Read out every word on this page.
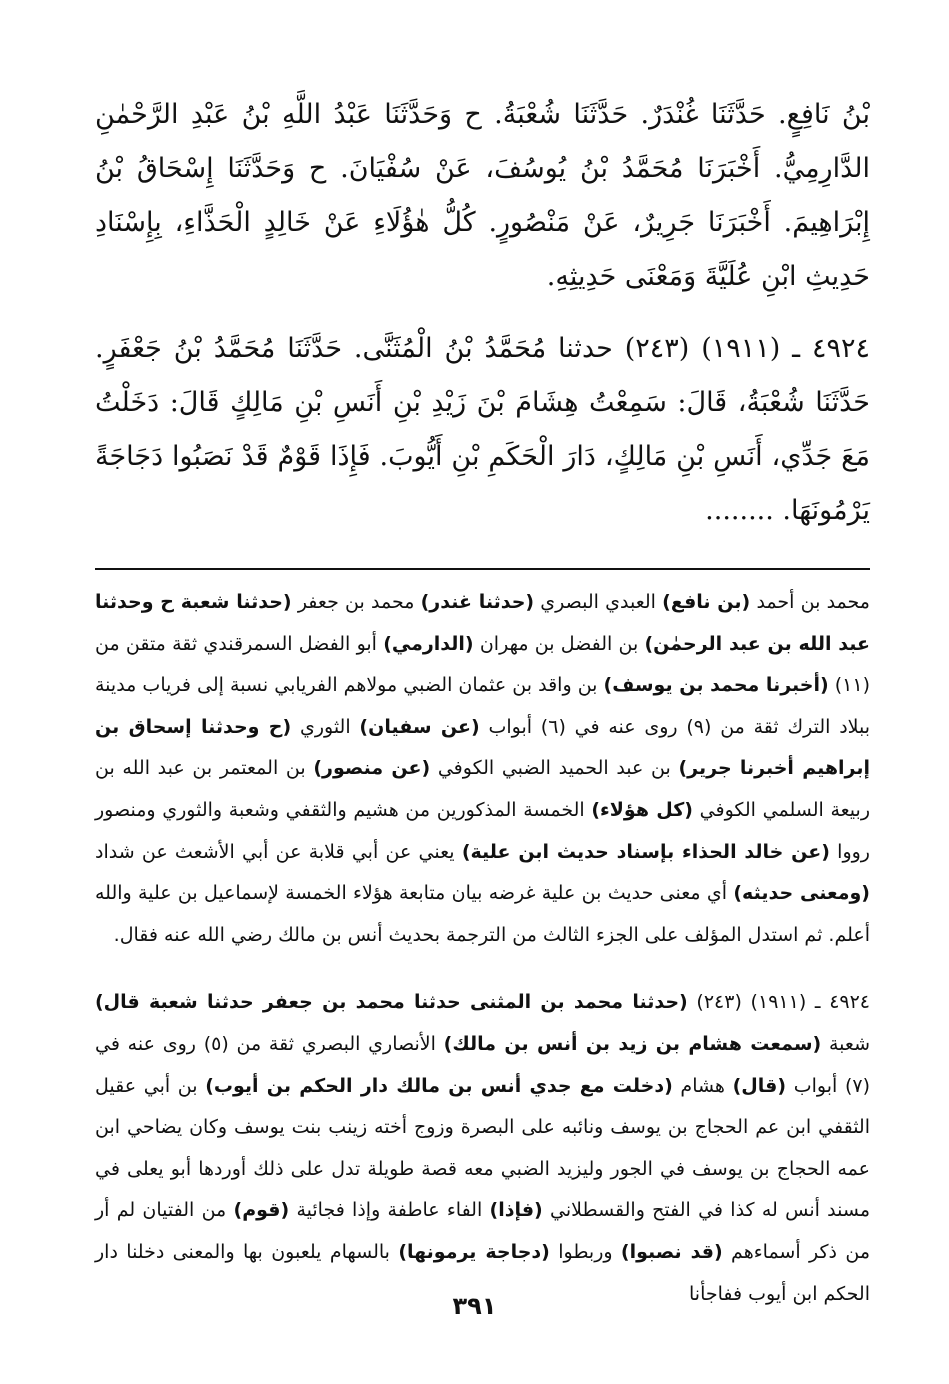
بْنُ نَافِعٍ. حَدَّثَنَا غُنْدَرٌ. حَدَّثَنَا شُعْبَةُ. ح وَحَدَّثَنَا عَبْدُ اللَّهِ بْنُ عَبْدِ الرَّحْمٰنِ الدَّارِمِيُّ. أَخْبَرَنَا مُحَمَّدُ بْنُ يُوسُفَ، عَنْ سُفْيَانَ. ح وَحَدَّثَنَا إِسْحَاقُ بْنُ إِبْرَاهِيمَ. أَخْبَرَنَا جَرِيرٌ، عَنْ مَنْصُورٍ. كُلُّ هٰؤُلَاءِ عَنْ خَالِدٍ الْحَذَّاءِ، بِإِسْنَادِ حَدِيثِ ابْنِ عُلَيَّةَ وَمَعْنَى حَدِيثِهِ.

٤٩٢٤ ـ (١٩١١) (٢٤٣) حدثنا مُحَمَّدُ بْنُ الْمُثَنَّى. حَدَّثَنَا مُحَمَّدُ بْنُ جَعْفَرٍ. حَدَّثَنَا شُعْبَةُ، قَالَ: سَمِعْتُ هِشَامَ بْنَ زَيْدِ بْنِ أَنَسِ بْنِ مَالِكٍ قَالَ: دَخَلْتُ مَعَ جَدِّي، أَنَسِ بْنِ مَالِكٍ، دَارَ الْحَكَمِ بْنِ أَيُّوبَ. فَإِذَا قَوْمٌ قَدْ نَصَبُوا دَجَاجَةً يَرْمُونَهَا. ........

محمد بن أحمد (بن نافع) العبدي البصري (حدثنا غندر) محمد بن جعفر (حدثنا شعبة ح وحدثنا عبد الله بن عبد الرحمٰن) بن الفضل بن مهران (الدارمي) أبو الفضل السمرقندي ثقة متقن من (١١) (أخبرنا محمد بن يوسف) بن واقد بن عثمان الضبي مولاهم الفريابي نسبة إلى فرياب مدينة ببلاد الترك ثقة من (٩) روى عنه في (٦) أبواب (عن سفيان) الثوري (ح وحدثنا إسحاق بن إبراهيم أخبرنا جرير) بن عبد الحميد الضبي الكوفي (عن منصور) بن المعتمر بن عبد الله بن ربيعة السلمي الكوفي (كل هؤلاء) الخمسة المذكورين من هشيم والثقفي وشعبة والثوري ومنصور رووا (عن خالد الحذاء بإسناد حديث ابن علية) يعني عن أبي قلابة عن أبي الأشعث عن شداد (ومعنى حديثه) أي معنى حديث بن علية غرضه بيان متابعة هؤلاء الخمسة لإسماعيل بن علية والله أعلم. ثم استدل المؤلف على الجزء الثالث من الترجمة بحديث أنس بن مالك رضي الله عنه فقال.

٤٩٢٤ ـ (١٩١١) (٢٤٣) (حدثنا محمد بن المثنى حدثنا محمد بن جعفر حدثنا شعبة قال) شعبة (سمعت هشام بن زيد بن أنس بن مالك) الأنصاري البصري ثقة من (٥) روى عنه في (٧) أبواب (قال) هشام (دخلت مع جدي أنس بن مالك دار الحكم بن أيوب) بن أبي عقيل الثقفي ابن عم الحجاج بن يوسف ونائبه على البصرة وزوج أخته زينب بنت يوسف وكان يضاحي ابن عمه الحجاج بن يوسف في الجور وليزيد الضبي معه قصة طويلة تدل على ذلك أوردها أبو يعلى في مسند أنس له كذا في الفتح والقسطلاني (فإذا) الفاء عاطفة وإذا فجائية (قوم) من الفتيان لم أر من ذكر أسماءهم (قد نصبوا) وربطوا (دجاجة يرمونها) بالسهام يلعبون بها والمعنى دخلنا دار الحكم ابن أيوب ففاجأنا

٣٩١
